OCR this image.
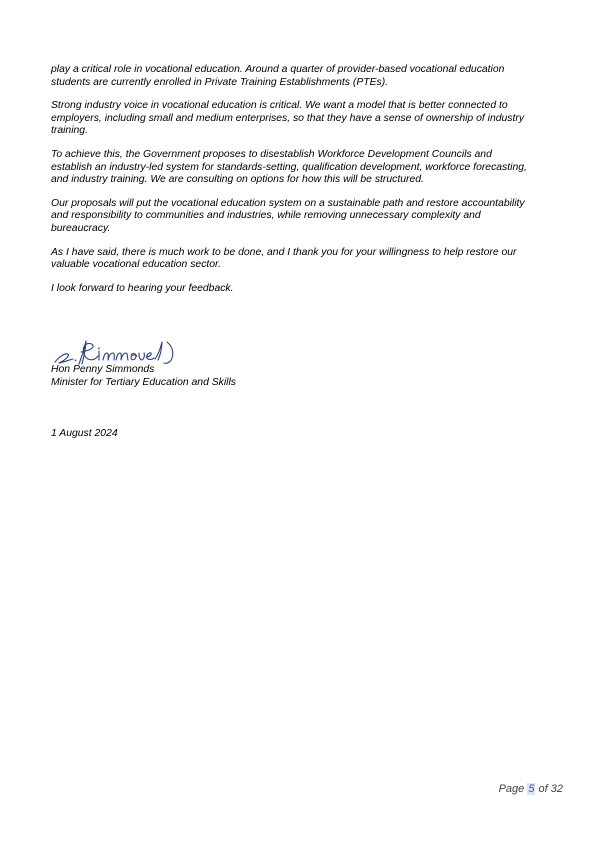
play a critical role in vocational education. Around a quarter of provider-based vocational education
students are currently enrolled in Private Training Establishments (PTEs).

Strong industry voice in vocational education is critical. We want a model that is better connected to
employers, including small and medium enterprises, so that they have a sense of ownership of industry
training.

To achieve this, the Government proposes to disestablish Workforce Development Councils and
establish an industry-led system for standards-setting, qualification development, workforce forecasting,
and industry training. We are consulting on options for how this will be structured.

Our proposals will put the vocational education system on a sustainable path and restore accountability
and responsibility to communities and industries, while removing unnecessary complexity and
bureaucracy.

As I have said, there is much work to be done, and I thank you for your willingness to help restore our
valuable vocational education sector.

I look forward to hearing your feedback.

Hon Penny Simmonds

Minister for Tertiary Education and Skills

1 August 2024
Page 5 of 32
